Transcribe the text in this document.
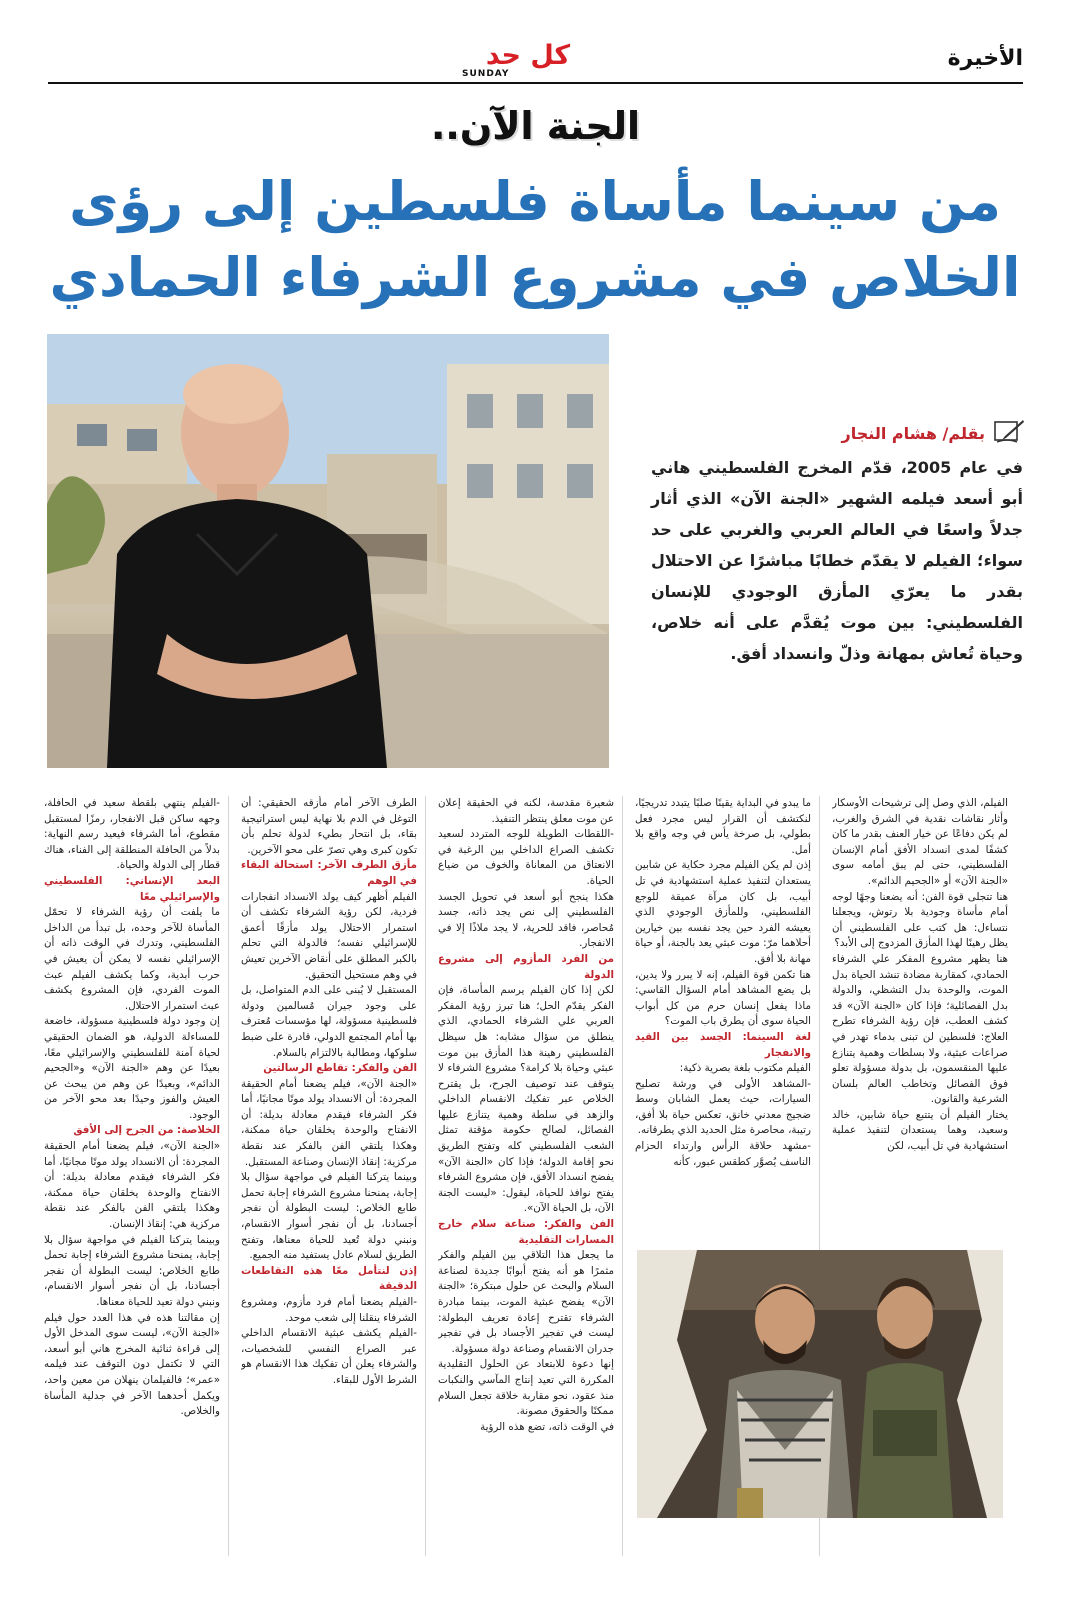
الأخيرة
كل حد
SUNDAY
الجنة الآن..
من سينما مأساة فلسطين إلى رؤى الخلاص في مشروع الشرفاء الحمادي
بقلم/ هشام النجار
في عام 2005، قدّم المخرج الفلسطيني هاني أبو أسعد فيلمه الشهير «الجنة الآن» الذي أثار جدلاً واسعًا في العالم العربي والغربي على حد سواء؛ الفيلم لا يقدّم خطابًا مباشرًا عن الاحتلال بقدر ما يعرّي المأزق الوجودي للإنسان الفلسطيني: بين موت يُقدَّم على أنه خلاص، وحياة تُعاش بمهانة وذلّ وانسداد أفق.

الفيلم، الذي وصل إلى ترشيحات الأوسكار وأثار نقاشات نقدية في الشرق والغرب، لم يكن دفاعًا عن خيار العنف بقدر ما كان كشفًا لمدى انسداد الأفق أمام الإنسان الفلسطيني، حتى لم يبق أمامه سوى «الجنة الآن» أو «الجحيم الدائم».

هنا تتجلى قوة الفن: أنه يضعنا وجهًا لوجه أمام مأساة وجودية بلا رتوش، ويجعلنا نتساءل: هل كتب على الفلسطيني أن يظل رهينًا لهذا المأزق المزدوج إلى الأبد؟

هنا يظهر مشروع المفكر علي الشرفاء الحمادي، كمقاربة مضادة تنشد الحياة بدل الموت، والوحدة بدل التشظي، والدولة بدل الفصائلية؛ فإذا كان «الجنة الآن» قد كشف العطب، فإن رؤية الشرفاء تطرح العلاج: فلسطين لن تبنى بدماء تهدر في صراعات عبثية، ولا بسلطات وهمية يتنازع عليها المنقسمون، بل بدولة مسؤولة تعلو فوق الفصائل وتخاطب العالم بلسان الشرعية والقانون.

يختار الفيلم أن يتتبع حياة شابين، خالد وسعيد، وهما يستعدان لتنفيذ عملية استشهادية في تل أبيب، لكن

ما يبدو في البداية يقينًا صلبًا يتبدد تدريجيًا، لنكتشف أن القرار ليس مجرد فعل بطولي، بل صرخة يأس في وجه واقع بلا أمل.

إذن لم يكن الفيلم مجرد حكاية عن شابين يستعدان لتنفيذ عملية استشهادية في تل أبيب، بل كان مرآة عميقة للوجع الفلسطيني، وللمأزق الوجودي الذي يعيشه الفرد حين يجد نفسه بين خيارين أحلاهما مرّ: موت عبثي يعد بالجنة، أو حياة مهانة بلا أفق.

هنا تكمن قوة الفيلم، إنه لا يبرر ولا يدين، بل يضع المشاهد أمام السؤال القاسي: ماذا يفعل إنسان حرم من كل أبواب الحياة سوى أن يطرق باب الموت؟

لغة السينما: الجسد بين القيد والانفجار

الفيلم مكتوب بلغة بصرية ذكية:

-المشاهد الأولى في ورشة تصليح السيارات، حيث يعمل الشابان وسط ضجيج معدني خانق، تعكس حياة بلا أفق، رتيبة، محاصرة مثل الحديد الذي يطرقانه.

-مشهد حلاقة الرأس وارتداء الحزام الناسف يُصوَّر كطقس عبور، كأنه

شعيرة مقدسة، لكنه في الحقيقة إعلان عن موت معلق ينتظر التنفيذ.

-اللقطات الطويلة للوجه المتردد لسعيد تكشف الصراع الداخلي بين الرغبة في الانعتاق من المعاناة والخوف من ضياع الحياة.

هكذا ينجح أبو أسعد في تحويل الجسد الفلسطيني إلى نص يجد ذاته، جسد مُحاصر، فاقد للحرية، لا يجد ملاذًا إلا في الانفجار.

من الفرد المأزوم إلى مشروع الدولة

لكن إذا كان الفيلم يرسم المأساة، فإن الفكر يقدّم الحل؛ هنا تبرز رؤية المفكر العربي علي الشرفاء الحمادي، الذي ينطلق من سؤال مشابه: هل سيظل الفلسطيني رهينة هذا المأزق بين موت عبثي وحياة بلا كرامة؟ مشروع الشرفاء لا يتوقف عند توصيف الجرح، بل يقترح الخلاص عبر تفكيك الانقسام الداخلي والزهد في سلطة وهمية يتنازع عليها الفصائل، لصالح حكومة مؤقتة تمثل الشعب الفلسطيني كله وتفتح الطريق نحو إقامة الدولة؛ فإذا كان «الجنة الآن» يفضح انسداد الأفق، فإن مشروع الشرفاء يفتح نوافذ للحياة، ليقول: «ليست الجنة الآن، بل الحياة الآن».

الفن والفكر: صناعة سلام خارج المسارات التقليدية

ما يجعل هذا التلاقي بين الفيلم والفكر مثمرًا هو أنه يفتح أبوابًا جديدة لصناعة السلام والبحث عن حلول مبتكرة؛ «الجنة الآن» يفضح عبثية الموت، بينما مبادرة الشرفاء تقترح إعادة تعريف البطولة: ليست في تفجير الأجساد بل في تفجير جدران الانقسام وصناعة دولة مسؤولة.

إنها دعوة للابتعاد عن الحلول التقليدية المكررة التي تعيد إنتاج المآسي والنكبات منذ عقود، نحو مقاربة خلاقة تجعل السلام ممكنًا والحقوق مصونة.

في الوقت ذاته، تضع هذه الرؤية

الطرف الآخر أمام مأزقه الحقيقي: أن التوغل في الدم بلا نهاية ليس استراتيجية بقاء، بل انتحار بطيء لدولة تحلم بأن تكون كبرى وهي تصرّ على محو الآخرين.

مأزق الطرف الآخر: استحالة البقاء في الوهم

الفيلم أظهر كيف يولد الانسداد انفجارات فردية، لكن رؤية الشرفاء تكشف أن استمرار الاحتلال يولد مأزقًا أعمق للإسرائيلي نفسه؛ فالدولة التي تحلم بالكبر المطلق على أنقاض الآخرين تعيش في وهم مستحيل التحقيق.

المستقبل لا يُبنى على الدم المتواصل، بل على وجود جيران مُسالمين ودولة فلسطينية مسؤولة، لها مؤسسات مُعترف بها أمام المجتمع الدولي، قادرة على ضبط سلوكها، ومطالبة بالالتزام بالسلام.

الفن والفكر: تقاطع الرسالتين

«الجنة الآن»، فيلم يضعنا أمام الحقيقة المجردة: أن الانسداد يولد موتًا مجانيًا، أما فكر الشرفاء فيقدم معادلة بديلة: أن الانفتاح والوحدة يخلقان حياة ممكنة، وهكذا يلتقي الفن بالفكر عند نقطة مركزية: إنقاذ الإنسان وصناعة المستقبل.

وبينما يتركنا الفيلم في مواجهة سؤال بلا إجابة، يمنحنا مشروع الشرفاء إجابة تحمل طابع الخلاص: ليست البطولة أن نفجر أجسادنا، بل أن نفجر أسوار الانقسام، ونبني دولة تُعيد للحياة معناها، وتفتح الطريق لسلام عادل يستفيد منه الجميع.

إذن لنتأمل معًا هذه التقاطعات الدقيقة

-الفيلم يضعنا أمام فرد مأزوم، ومشروع الشرفاء ينقلنا إلى شعب موحد.

-الفيلم يكشف عبثية الانقسام الداخلي عبر الصراع النفسي للشخصيات، والشرفاء يعلن أن تفكيك هذا الانقسام هو الشرط الأول للبقاء.

-الفيلم ينتهي بلقطة سعيد في الحافلة، وجهه ساكن قبل الانفجار، رمزًا لمستقبل مقطوع، أما الشرفاء فيعيد رسم النهاية: بدلاً من الحافلة المنطلقة إلى الفناء، هناك قطار إلى الدولة والحياة.

البعد الإنساني: الفلسطيني والإسرائيلي معًا

ما يلفت أن رؤية الشرفاء لا تحمّل المأساة للآخر وحده، بل تبدأ من الداخل الفلسطيني، وتدرك في الوقت ذاته أن الإسرائيلي نفسه لا يمكن أن يعيش في حرب أبدية، وكما يكشف الفيلم عبث الموت الفردي، فإن المشروع يكشف عبث استمرار الاحتلال.

إن وجود دولة فلسطينية مسؤولة، خاضعة للمساءلة الدولية، هو الضمان الحقيقي لحياة آمنة للفلسطيني والإسرائيلي معًا، بعيدًا عن وهم «الجنة الآن» و«الجحيم الدائم»، وبعيدًا عن وهم من يبحث عن العيش والفوز وحيدًا بعد محو الآخر من الوجود.

الخلاصة: من الجرح إلى الأفق

«الجنة الآن»، فيلم يضعنا أمام الحقيقة المجردة: أن الانسداد يولد موتًا مجانيًا، أما فكر الشرفاء فيقدم معادلة بديلة: أن الانفتاح والوحدة يخلقان حياة ممكنة، وهكذا يلتقي الفن بالفكر عند نقطة مركزية هي: إنقاذ الإنسان.

وبينما يتركنا الفيلم في مواجهة سؤال بلا إجابة، يمنحنا مشروع الشرفاء إجابة تحمل طابع الخلاص: ليست البطولة أن نفجر أجسادنا، بل أن نفجر أسوار الانقسام، ونبني دولة تعيد للحياة معناها.

إن مقالتنا هذه في هذا العدد حول فيلم «الجنة الآن»، ليست سوى المدخل الأول إلى قراءة ثنائية المخرج هاني أبو أسعد، التي لا تكتمل دون التوقف عند فيلمه «عمر»؛ فالفيلمان ينهلان من معين واحد، ويكمل أحدهما الآخر في جدلية المأساة والخلاص.
